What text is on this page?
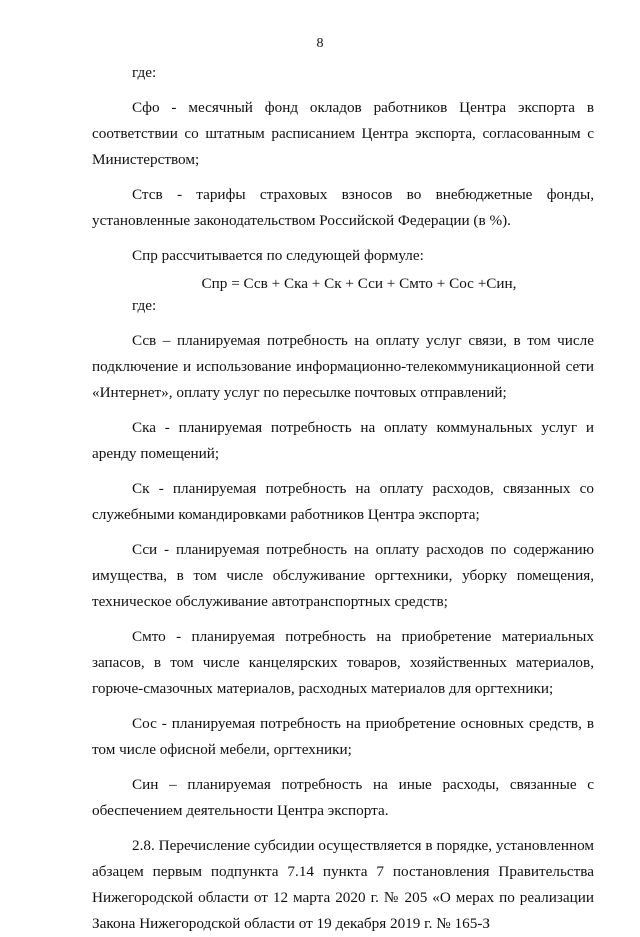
8

где:

Сфо - месячный фонд окладов работников Центра экспорта в соответствии со штатным расписанием Центра экспорта, согласованным с Министерством;

Стсв - тарифы страховых взносов во внебюджетные фонды, установленные законодательством Российской Федерации (в %).

Спр рассчитывается по следующей формуле:

Спр = Ссв + Ска + Ск + Сси + Смто + Сос +Син,

где:

Ссв – планируемая потребность на оплату услуг связи, в том числе подключение и использование информационно-телекоммуникационной сети «Интернет», оплату услуг по пересылке почтовых отправлений;

Ска - планируемая потребность на оплату коммунальных услуг и аренду помещений;

Ск - планируемая потребность на оплату расходов, связанных со служебными командировками работников Центра экспорта;

Сси - планируемая потребность на оплату расходов по содержанию имущества, в том числе обслуживание оргтехники, уборку помещения, техническое обслуживание автотранспортных средств;

Смто - планируемая потребность на приобретение материальных запасов, в том числе канцелярских товаров, хозяйственных материалов, горюче-смазочных материалов, расходных материалов для оргтехники;

Сос - планируемая потребность на приобретение основных средств, в том числе офисной мебели, оргтехники;

Син – планируемая потребность на иные расходы, связанные с обеспечением деятельности Центра экспорта.

2.8. Перечисление субсидии осуществляется в порядке, установленном абзацем первым подпункта 7.14 пункта 7 постановления Правительства Нижегородской области от 12 марта 2020 г. № 205 «О мерах по реализации Закона Нижегородской области от 19 декабря 2019 г. № 165-З
